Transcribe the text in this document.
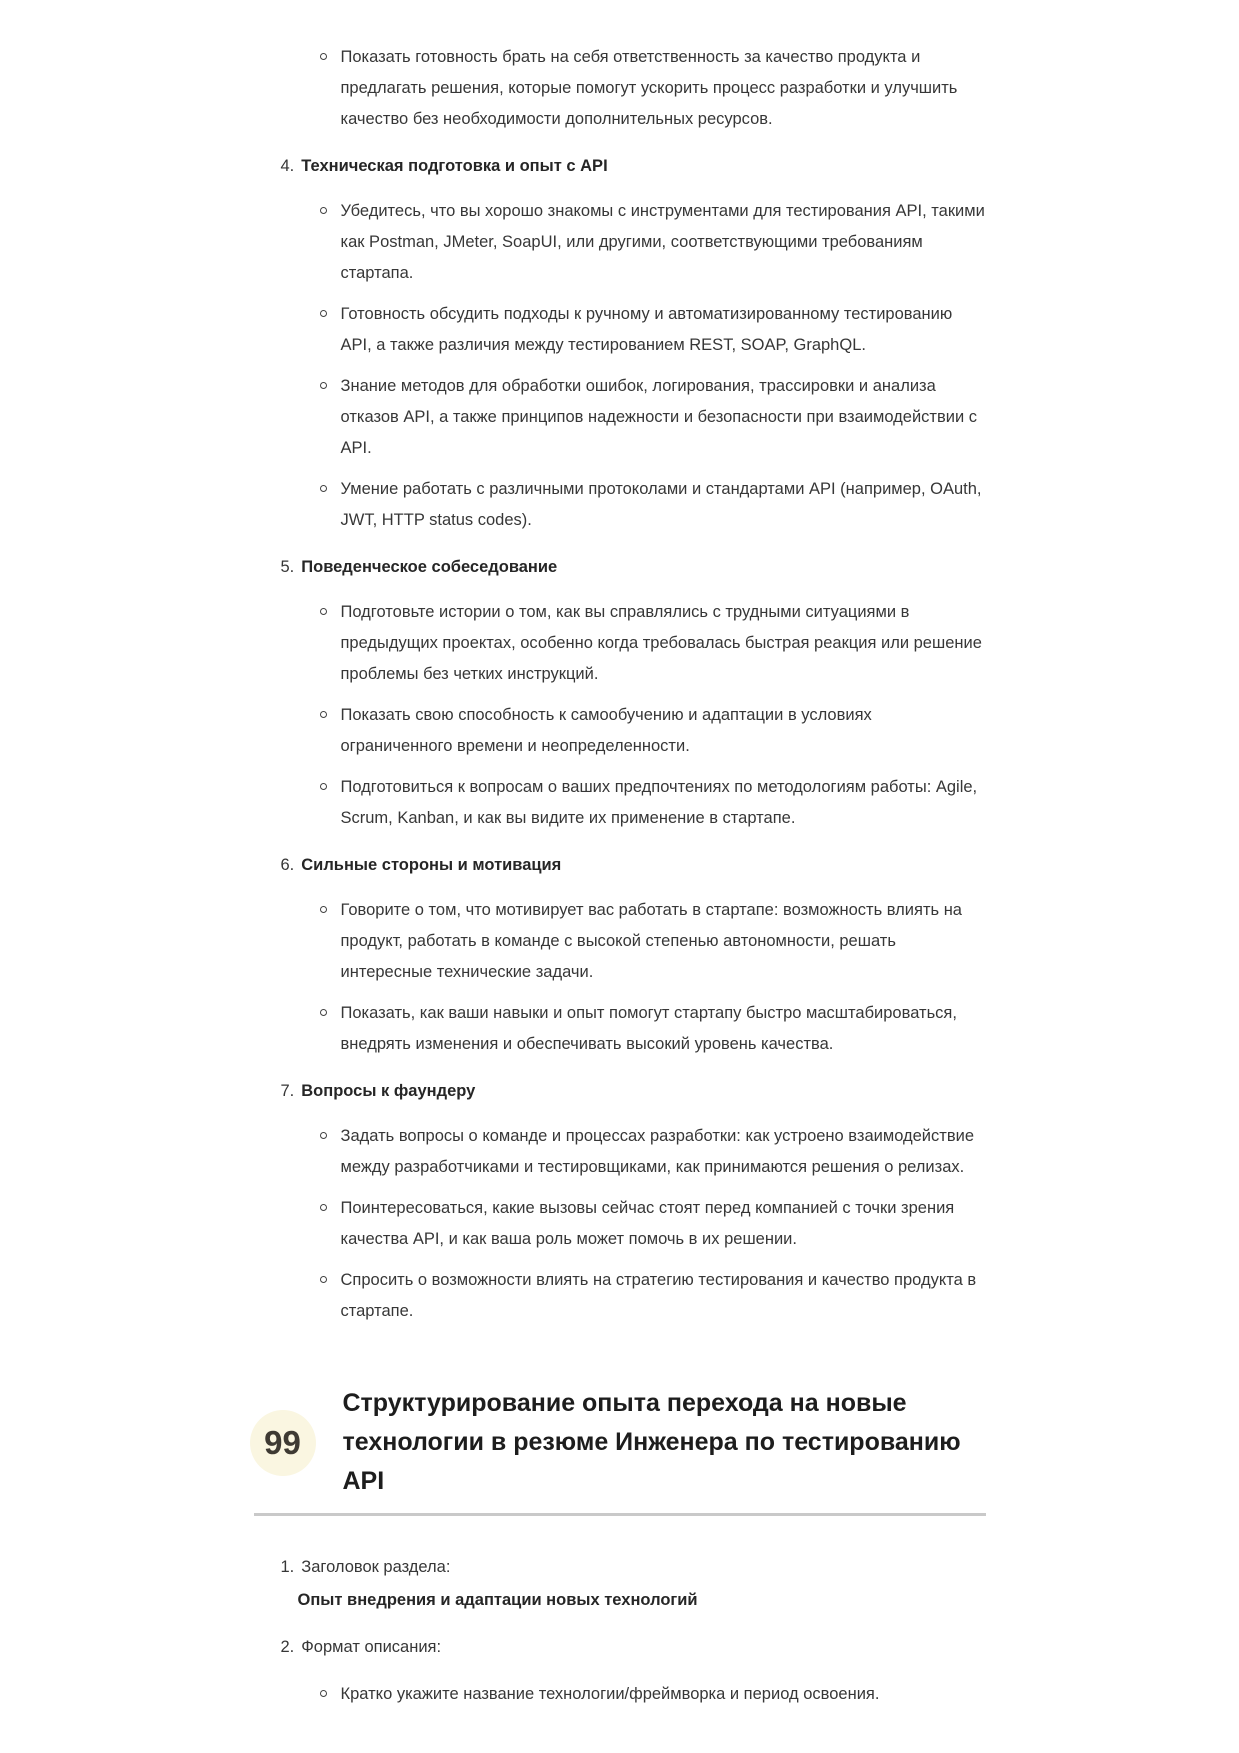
Показать готовность брать на себя ответственность за качество продукта и предлагать решения, которые помогут ускорить процесс разработки и улучшить качество без необходимости дополнительных ресурсов.
4. Техническая подготовка и опыт с API
Убедитесь, что вы хорошо знакомы с инструментами для тестирования API, такими как Postman, JMeter, SoapUI, или другими, соответствующими требованиям стартапа.
Готовность обсудить подходы к ручному и автоматизированному тестированию API, а также различия между тестированием REST, SOAP, GraphQL.
Знание методов для обработки ошибок, логирования, трассировки и анализа отказов API, а также принципов надежности и безопасности при взаимодействии с API.
Умение работать с различными протоколами и стандартами API (например, OAuth, JWT, HTTP status codes).
5. Поведенческое собеседование
Подготовьте истории о том, как вы справлялись с трудными ситуациями в предыдущих проектах, особенно когда требовалась быстрая реакция или решение проблемы без четких инструкций.
Показать свою способность к самообучению и адаптации в условиях ограниченного времени и неопределенности.
Подготовиться к вопросам о ваших предпочтениях по методологиям работы: Agile, Scrum, Kanban, и как вы видите их применение в стартапе.
6. Сильные стороны и мотивация
Говорите о том, что мотивирует вас работать в стартапе: возможность влиять на продукт, работать в команде с высокой степенью автономности, решать интересные технические задачи.
Показать, как ваши навыки и опыт помогут стартапу быстро масштабироваться, внедрять изменения и обеспечивать высокий уровень качества.
7. Вопросы к фаундеру
Задать вопросы о команде и процессах разработки: как устроено взаимодействие между разработчиками и тестировщиками, как принимаются решения о релизах.
Поинтересоваться, какие вызовы сейчас стоят перед компанией с точки зрения качества API, и как ваша роль может помочь в их решении.
Спросить о возможности влиять на стратегию тестирования и качество продукта в стартапе.
99
Структурирование опыта перехода на новые технологии в резюме Инженера по тестированию API
1. Заголовок раздела:
Опыт внедрения и адаптации новых технологий
2. Формат описания:
Кратко укажите название технологии/фреймворка и период освоения.
